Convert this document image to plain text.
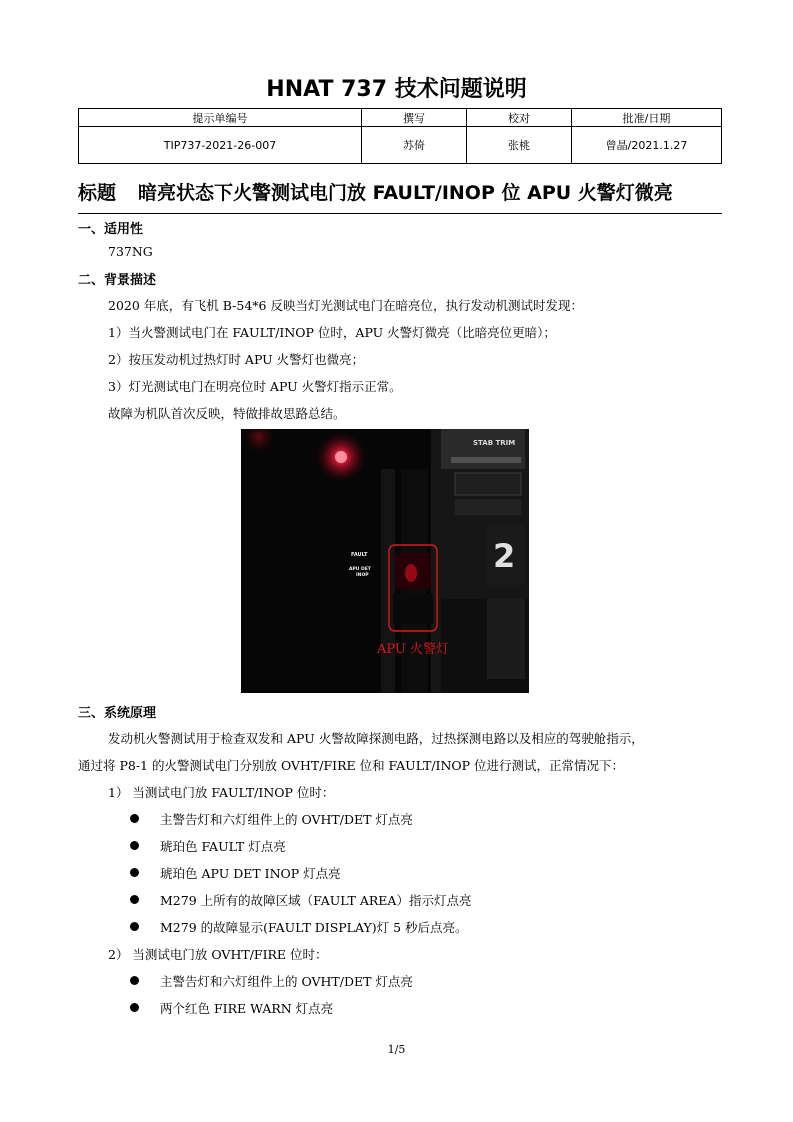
HNAT 737 技术问题说明
提示单编号	撰写	校对	批准/日期
TIP737-2021-26-007	苏倚	张桃	曾晶/2021.1.27
标题 暗亮状态下火警测试电门放 FAULT/INOP 位 APU 火警灯微亮
一、适用性
737NG
二、背景描述
2020 年底，有飞机 B-54*6 反映当灯光测试电门在暗亮位，执行发动机测试时发现：
1）当火警测试电门在 FAULT/INOP 位时，APU 火警灯微亮（比暗亮位更暗）；
2）按压发动机过热灯时 APU 火警灯也微亮；
3）灯光测试电门在明亮位时 APU 火警灯指示正常。
故障为机队首次反映，特做排故思路总结。
STAB TRIM
2
FAULT
APU DET
INOP
APU 火警灯
三、系统原理
发动机火警测试用于检查双发和 APU 火警故障探测电路，过热探测电路以及相应的驾驶舱指示，
通过将 P8-1 的火警测试电门分别放 OVHT/FIRE 位和 FAULT/INOP 位进行测试，正常情况下：
1） 当测试电门放 FAULT/INOP 位时：
主警告灯和六灯组件上的 OVHT/DET 灯点亮
琥珀色 FAULT 灯点亮
琥珀色 APU DET INOP 灯点亮
M279 上所有的故障区域（FAULT AREA）指示灯点亮
M279 的故障显示(FAULT DISPLAY)灯 5 秒后点亮。
2） 当测试电门放 OVHT/FIRE 位时：
主警告灯和六灯组件上的 OVHT/DET 灯点亮
两个红色 FIRE WARN 灯点亮
1/5
